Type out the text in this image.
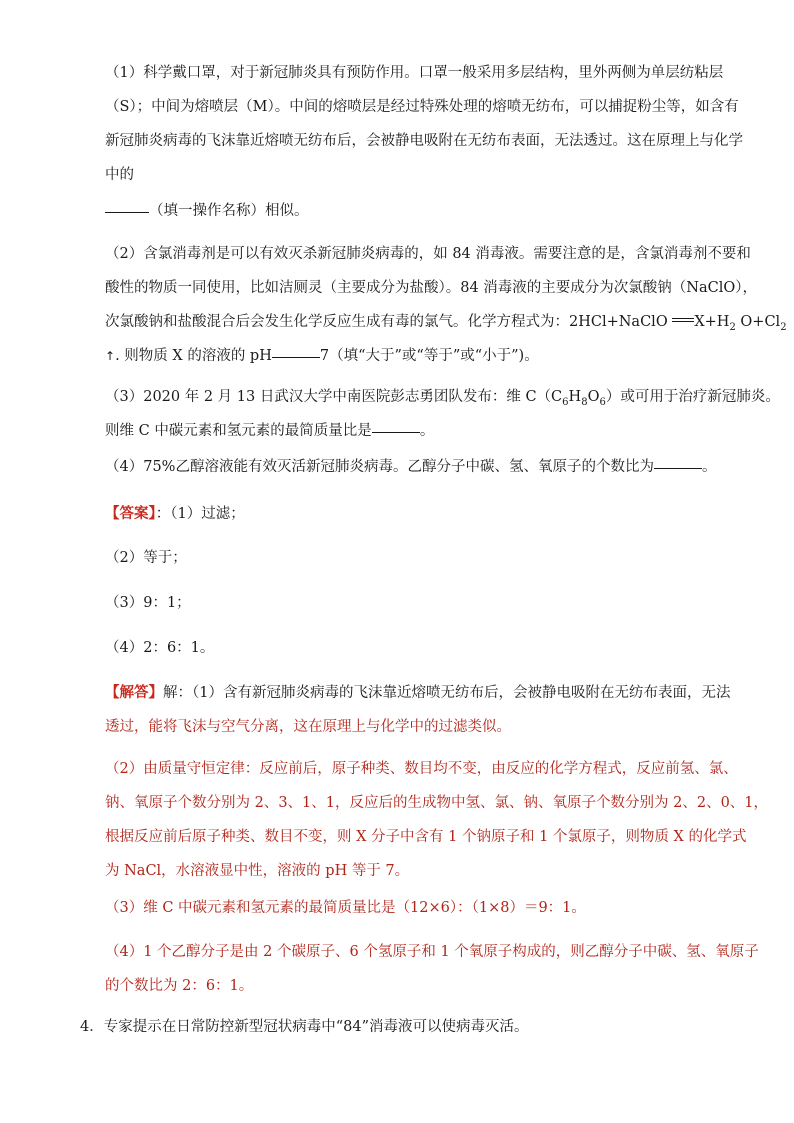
（1）科学戴口罩，对于新冠肺炎具有预防作用。口罩一般采用多层结构，里外两侧为单层纺粘层
（S）；中间为熔喷层（M）。中间的熔喷层是经过特殊处理的熔喷无纺布，可以捕捉粉尘等，如含有
新冠肺炎病毒的飞沫靠近熔喷无纺布后，会被静电吸附在无纺布表面，无法透过。这在原理上与化学
中的
（填一操作名称）相似。
（2）含氯消毒剂是可以有效灭杀新冠肺炎病毒的，如 84 消毒液。需要注意的是，含氯消毒剂不要和
酸性的物质一同使用，比如洁厕灵（主要成分为盐酸）。84 消毒液的主要成分为次氯酸钠（NaClO），
次氯酸钠和盐酸混合后会发生化学反应生成有毒的氯气。化学方程式为：2HCl+NaClO $X+H_2$ $O+Cl_2$
↑. 则物质 X 的溶液的 pH	7（填“大于”或“等于”或“小于”)。
（3）2020 年 2 月 13 日武汉大学中南医院彭志勇团队发布：维 $C(C_6H_8O_6)$或可用于治疗新冠肺炎。
则维 C 中碳元素和氢元素的最简质量比是	。
（4）75%乙醇溶液能有效灭活新冠肺炎病毒。乙醇分子中碳、氢、氧原子的个数比为	。
【答案】：（1）过滤；
（2）等于；
（3）9：1；
（4）2：6：1。
【解答】解：（1）含有新冠肺炎病毒的飞沫靠近熔喷无纺布后，会被静电吸附在无纺布表面，无法
透过，能将飞沫与空气分离，这在原理上与化学中的过滤类似。
（2）由质量守恒定律：反应前后，原子种类、数目均不变，由反应的化学方程式，反应前氢、氯、
钠、氧原子个数分别为 2、3、1、1，反应后的生成物中氢、氯、钠、氧原子个数分别为 2、2、0、1，
根据反应前后原子种类、数目不变，则 X 分子中含有 1 个钠原子和 1 个氯原子，则物质 X 的化学式
为 NaCl，水溶液显中性，溶液的 pH 等于 7。
（3）维 C 中碳元素和氢元素的最简质量比是（12×6）：（1×8）＝9：1。
（4）1 个乙醇分子是由 2 个碳原子、6 个氢原子和 1 个氧原子构成的，则乙醇分子中碳、氢、氧原子
的个数比为 2：6：1。
4．专家提示在日常防控新型冠状病毒中“84”消毒液可以使病毒灭活。
